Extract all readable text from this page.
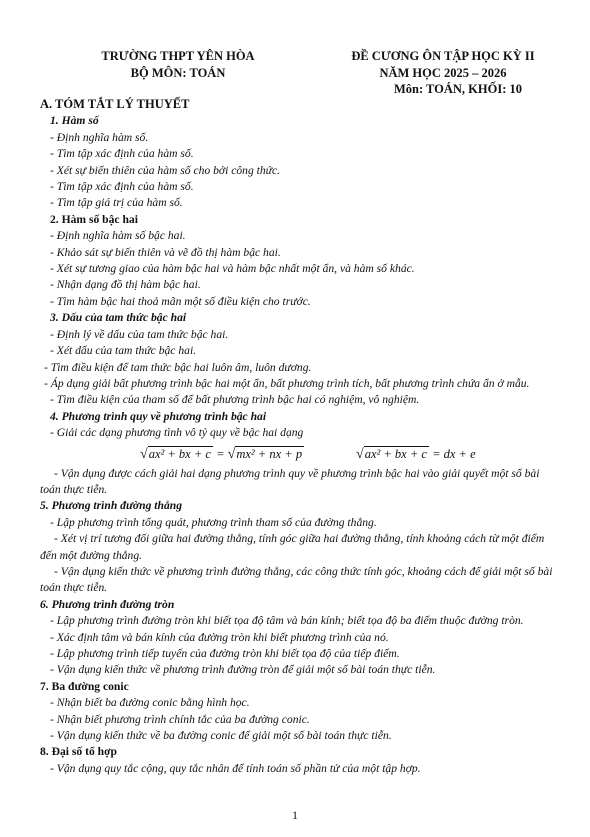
TRƯỜNG THPT YÊN HÒA
BỘ MÔN: TOÁN
ĐỀ CƯƠNG ÔN TẬP HỌC KỲ II
NĂM HỌC 2025 – 2026
Môn: TOÁN, KHỐI: 10
A. TÓM TẮT LÝ THUYẾT
1. Hàm số
- Định nghĩa hàm số.
- Tìm tập xác định của hàm số.
- Xét sự biến thiên của hàm số cho bởi công thức.
- Tìm tập xác định của hàm số.
- Tìm tập giá trị của hàm số.
2. Hàm số bậc hai
- Định nghĩa hàm số bậc hai.
- Khảo sát sự biến thiên và vẽ đồ thị hàm bậc hai.
- Xét sự tương giao của hàm bậc hai và hàm bậc nhất một ẩn, và hàm số khác.
- Nhận dạng đồ thị hàm bậc hai.
- Tìm hàm bậc hai thoả mãn một số điều kiện cho trước.
3. Dấu của tam thức bậc hai
- Định lý về dấu của tam thức bậc hai.
- Xét dấu của tam thức bậc hai.
- Tìm điều kiện để tam thức bậc hai luôn âm, luôn dương.
- Áp dụng giải bất phương trình bậc hai một ẩn, bất phương trình tích, bất phương trình chứa ẩn ở mẫu.
- Tìm điều kiện của tham số để bất phương trình bậc hai có nghiệm, vô nghiệm.
4. Phương trình quy về phương trình bậc hai
- Giải các dạng phương tình vô tỷ quy về bậc hai dạng
√ax² + bx + c = √mx² + nx + p	√ax² + bx + c = dx + e
- Vận dụng được cách giải hai dạng phương trình quy về phương trình bậc hai vào giải quyết một số bài toán thực tiễn.
5. Phương trình đường thẳng
- Lập phương trình tổng quát, phương trình tham số của đường thẳng.
- Xét vị trí tương đối giữa hai đường thẳng, tính góc giữa hai đường thẳng, tính khoảng cách từ một điểm đến một đường thẳng.
- Vận dụng kiến thức về phương trình đường thẳng, các công thức tính góc, khoảng cách để giải một số bài toán thực tiễn.
6. Phương trình đường tròn
- Lập phương trình đường tròn khi biết tọa độ tâm và bán kính; biết tọa độ ba điểm thuộc đường tròn.
- Xác định tâm và bán kính của đường tròn khi biết phương trình của nó.
- Lập phương trình tiếp tuyến của đường tròn khi biết tọa độ của tiếp điểm.
- Vận dụng kiến thức về phương trình đường tròn để giải một số bài toán thực tiễn.
7. Ba đường conic
- Nhận biết ba đường conic bằng hình học.
- Nhận biết phương trình chính tắc của ba đường conic.
- Vận dụng kiến thức về ba đường conic để giải một số bài toán thực tiễn.
8. Đại số tổ hợp
- Vận dụng quy tắc cộng, quy tắc nhân để tính toán số phần tử của một tập hợp.
1
